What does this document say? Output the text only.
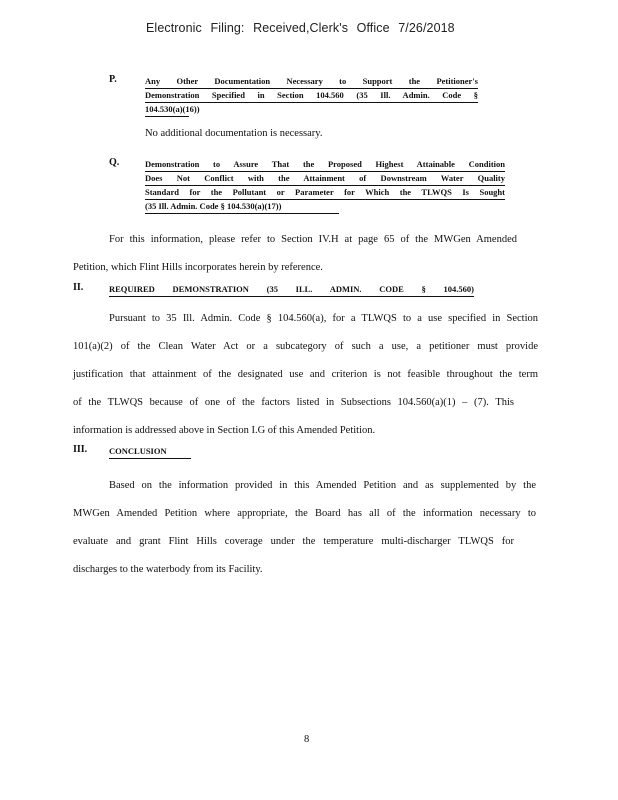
Electronic Filing: Received,Clerk's Office 7/26/2018
P.	Any Other Documentation Necessary to Support the Petitioner's
Demonstration Specified in Section 104.560 (35 Ill. Admin. Code §
104.530(a)(16))
No additional documentation is necessary.
Q.	Demonstration to Assure That the Proposed Highest Attainable Condition
Does Not Conflict with the Attainment of Downstream Water Quality
Standard for the Pollutant or Parameter for Which the TLWQS Is Sought
(35 Ill. Admin. Code § 104.530(a)(17))
For this information, please refer to Section IV.H at page 65 of the MWGen Amended
Petition, which Flint Hills incorporates herein by reference.
II.	REQUIRED DEMONSTRATION (35 ILL. ADMIN. CODE § 104.560)
Pursuant to 35 Ill. Admin. Code § 104.560(a), for a TLWQS to a use specified in Section
101(a)(2) of the Clean Water Act or a subcategory of such a use, a petitioner must provide
justification that attainment of the designated use and criterion is not feasible throughout the term
of the TLWQS because of one of the factors listed in Subsections 104.560(a)(1) – (7). This
information is addressed above in Section I.G of this Amended Petition.
III.	CONCLUSION
Based on the information provided in this Amended Petition and as supplemented by the
MWGen Amended Petition where appropriate, the Board has all of the information necessary to
evaluate and grant Flint Hills coverage under the temperature multi-discharger TLWQS for
discharges to the waterbody from its Facility.
8
